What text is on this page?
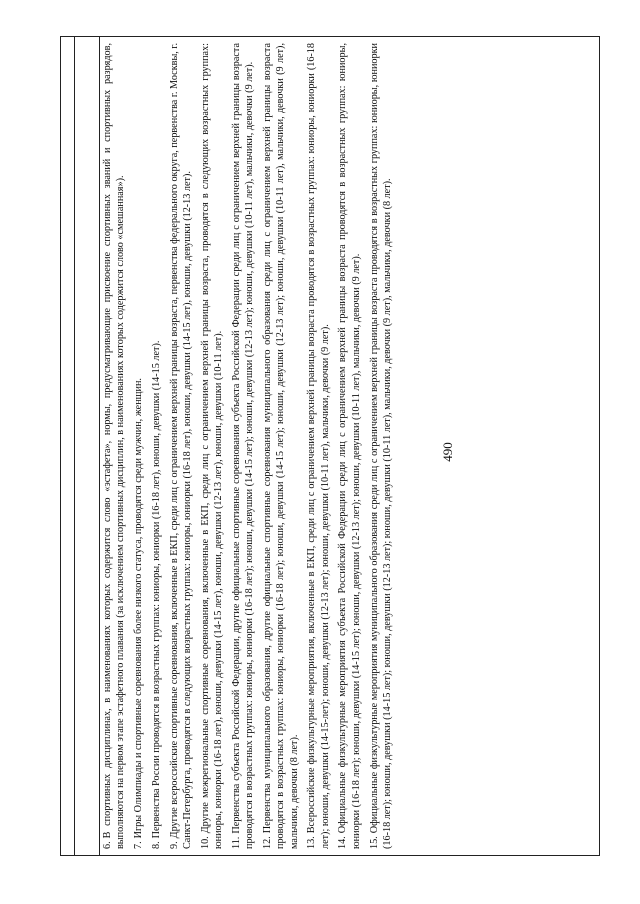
490

6.В спортивных дисциплинах, в наименованиях которых содержится слово «эстафета», нормы, предусматривающие присвоение спортивных званий и спортивных разрядов, выполняются на первом этапе эстафетного плавания (за исключением спортивных дисциплин, в наименованиях которых содержится слово «смешанная»). 7.Игры Олимпиады и спортивные соревнования более низкого статуса, проводятся среди мужчин, женщин.

8.Первенства России проводятся в возрастных группах: юниоры, юниорки (16-18 лет), юноши, девушки (14-15 лет).

9.Другие всероссийские спортивные соревнования, включенные в ЕКП, среди лиц с ограничением верхней границы возраста, первенства федерального округа, первенства г. Москвы, г. Санкт-Петербурга, проводятся в следующих возрастных группах: юниоры, юниорки (16-18 лет), юноши, девушки (14-15 лет), юноши, девушки (12-13 лет). 10.Другие межрегиональные спортивные соревнования, включенные в ЕКП, среди лиц с ограничением верхней границы возраста, проводятся в следующих возрастных группах: юниоры, юниорки (16-18 лет), юноши, девушки (14-15 лет), юноши, девушки (12-13 лет), юноши, девушки (10-11 лет). 11.Первенства субъекта Российской Федерации, другие официальные спортивные соревнования субъекта Российской Федерации среди лиц с ограничением верхней границы возраста проводятся в возрастных группах: юниоры, юниорки (16-18 лет); юноши, девушки (14-15 лет); юноши, девушки (12-13 лет); юноши, девушки (10-11 лет), мальчики, девочки (9 лет). 12.Первенства муниципального образования, другие официальные спортивные соревнования муниципального образования среди лиц с ограничением верхней границы возраста проводятся в возрастных группах: юниоры, юниорки (16-18 лет); юноши, девушки (14-15 лет); юноши, девушки (12-13 лет); юноши, девушки (10-11 лет), мальчики, девочки (9 лет), мальчики, девочки (8 лет). 13.Всероссийские физкультурные мероприятия, включенные в ЕКП, среди лиц с ограничением верхней границы возраста проводятся в возрастных группах: юниоры, юниорки (16-18 лет); юноши, девушки (14-15-лет); юноши, девушки (12-13 лет); юноши, девушки (10-11 лет), мальчики, девочки (9 лет). 14.Официальные физкультурные мероприятия субъекта Российской Федерации среди лиц с ограничением верхней границы возраста проводятся в возрастных группах: юниоры, юниорки (16-18 лет); юноши, девушки (14-15 лет); юноши, девушки (12-13 лет); юноши, девушки (10-11 лет), мальчики, девочки (9 лет). 15.Официальные физкультурные мероприятия муниципального образования среди лиц с ограничением верхней границы возраста проводятся в возрастных группах: юниоры, юниорки (16-18 лет); юноши, девушки (14-15 лет); юноши, девушки (12-13 лет); юноши, девушки (10-11 лет), мальчики, девочки (9 лет), мальчики, девочки (8 лет).
